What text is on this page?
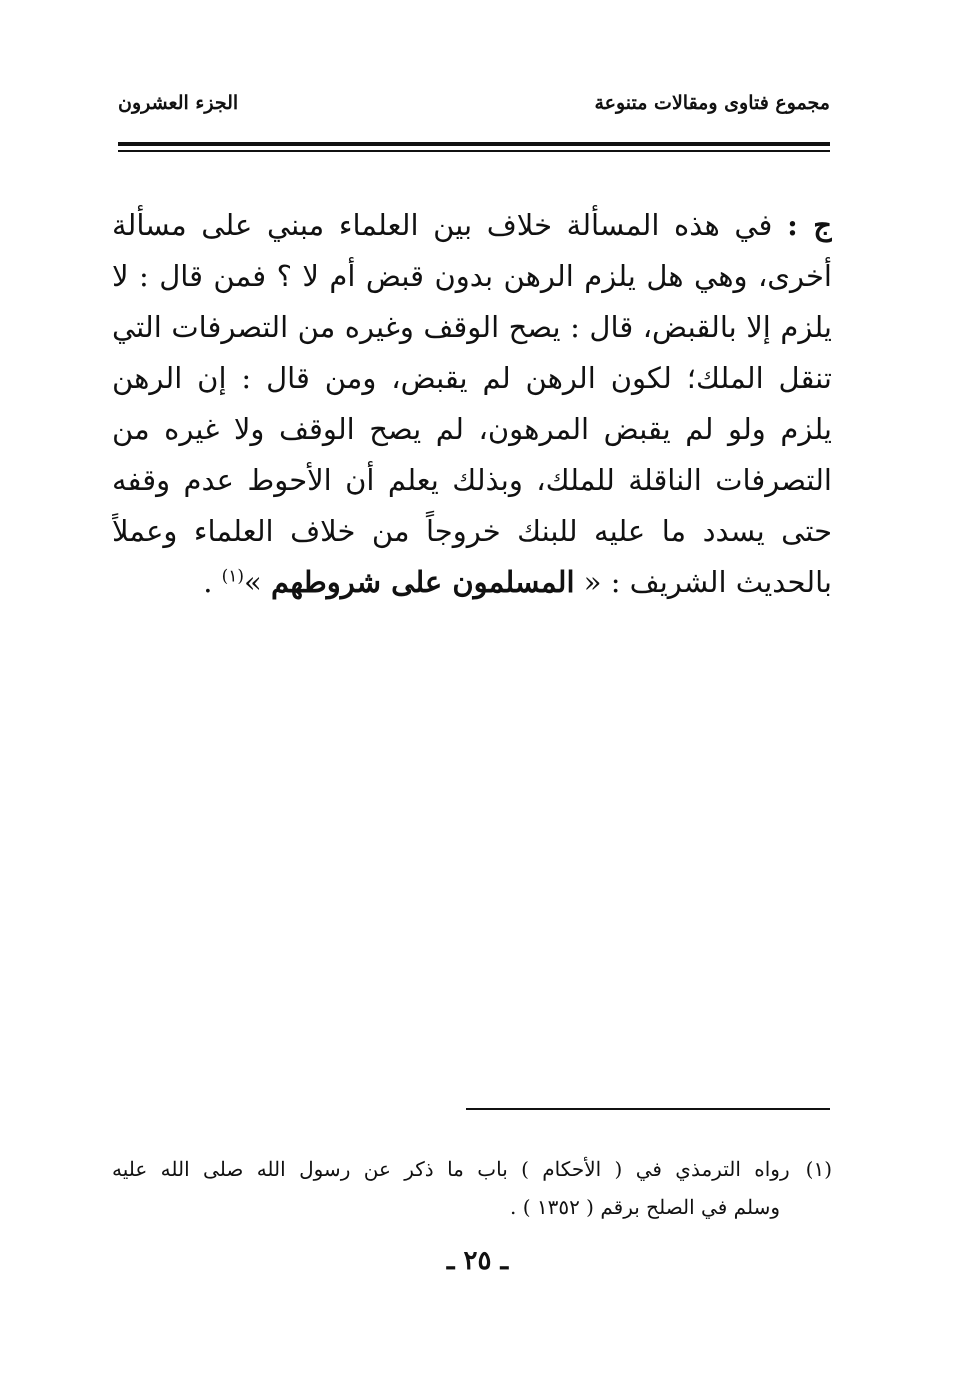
مجموع فتاوى ومقالات متنوعة
الجزء العشرون
ج : في هذه المسألة خلاف بين العلماء مبني على مسألة
أخرى، وهي هل يلزم الرهن بدون قبض أم لا ؟ فمن قال : لا
يلزم إلا بالقبض، قال : يصح الوقف وغيره من التصرفات التي
تنقل الملك؛ لكون الرهن لم يقبض، ومن قال : إن الرهن
يلزم ولو لم يقبض المرهون، لم يصح الوقف ولا غيره من
التصرفات الناقلة للملك، وبذلك يعلم أن الأحوط عدم وقفه
حتى يسدد ما عليه للبنك خروجاً من خلاف العلماء وعملاً
بالحديث الشريف : « المسلمون على شروطهم »$^{(١)}$ .
(١)رواه الترمذي في ( الأحكام ) باب ما ذكر عن رسول الله صلى الله عليه
وسلم في الصلح برقم ( ١٣٥٢ ) .
ـ ٢٥ ـ
